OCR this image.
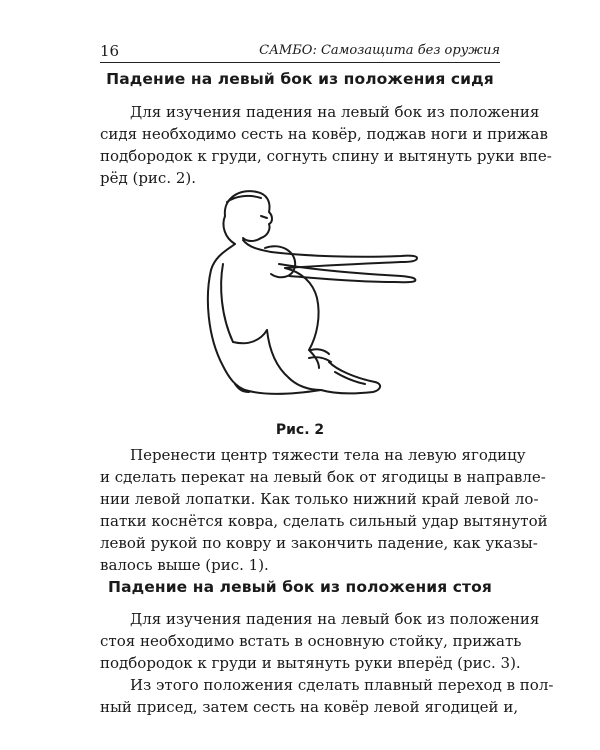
16	САМБО: Самозащита без оружия
Падение на левый бок из положения сидя

Для изучения падения на левый бок из положения
сидя необходимо сесть на ковёр, поджав ноги и прижав
подбородок к груди, согнуть спину и вытянуть руки впе-
рёд (рис. 2).

Рис. 2

Перенести центр тяжести тела на левую ягодицу
и сделать перекат на левый бок от ягодицы в направле-
нии левой лопатки. Как только нижний край левой ло-
патки коснётся ковра, сделать сильный удар вытянутой
левой рукой по ковру и закончить падение, как указы-
валось выше (рис. 1).

Падение на левый бок из положения стоя

Для изучения падения на левый бок из положения
стоя необходимо встать в основную стойку, прижать
подбородок к груди и вытянуть руки вперёд (рис. 3).

Из этого положения сделать плавный переход в пол-
ный присед, затем сесть на ковёр левой ягодицей и,
